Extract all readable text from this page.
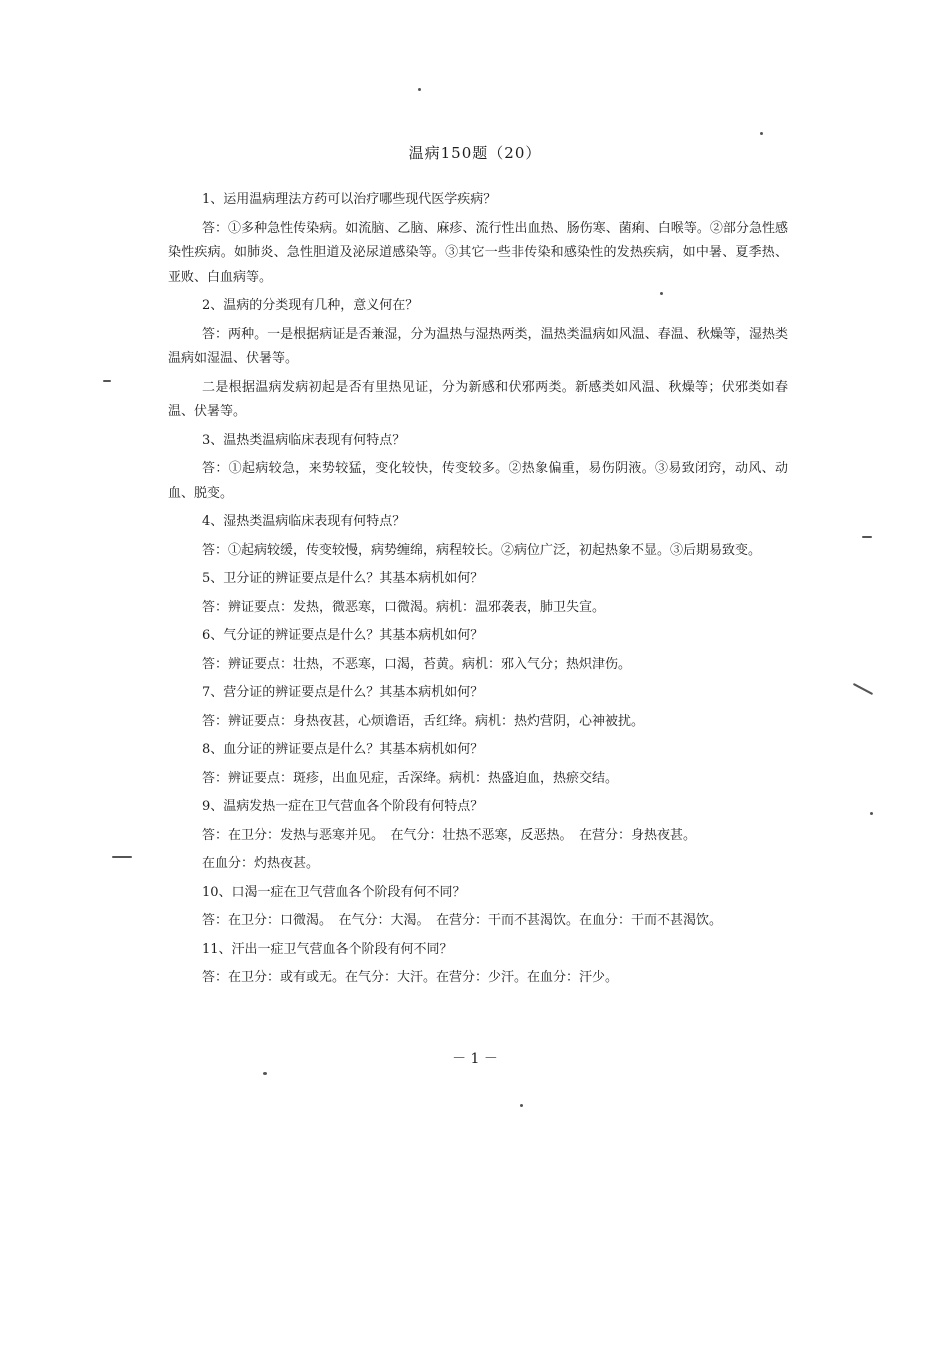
温病150题（20）

1、运用温病理法方药可以治疗哪些现代医学疾病？

答：①多种急性传染病。如流脑、乙脑、麻疹、流行性出血热、肠伤寒、菌痢、白喉等。②部分急性感染性疾病。如肺炎、急性胆道及泌尿道感染等。③其它一些非传染和感染性的发热疾病，如中暑、夏季热、亚败、白血病等。

2、温病的分类现有几种，意义何在？

答：两种。一是根据病证是否兼湿，分为温热与湿热两类，温热类温病如风温、春温、秋燥等，湿热类温病如湿温、伏暑等。

二是根据温病发病初起是否有里热见证，分为新感和伏邪两类。新感类如风温、秋燥等；伏邪类如春温、伏暑等。

3、温热类温病临床表现有何特点？

答：①起病较急，来势较猛，变化较快，传变较多。②热象偏重，易伤阴液。③易致闭窍，动风、动血、脱变。

4、湿热类温病临床表现有何特点？

答：①起病较缓，传变较慢，病势缠绵，病程较长。②病位广泛，初起热象不显。③后期易致变。

5、卫分证的辨证要点是什么？其基本病机如何？

答：辨证要点：发热，微恶寒，口微渴。病机：温邪袭表，肺卫失宣。

6、气分证的辨证要点是什么？其基本病机如何？

答：辨证要点：壮热，不恶寒，口渴，苔黄。病机：邪入气分；热炽津伤。

7、营分证的辨证要点是什么？其基本病机如何？

答：辨证要点：身热夜甚，心烦谵语，舌红绛。病机：热灼营阴，心神被扰。

8、血分证的辨证要点是什么？其基本病机如何？

答：辨证要点：斑疹，出血见症，舌深绛。病机：热盛迫血，热瘀交结。

9、温病发热一症在卫气营血各个阶段有何特点？

答：在卫分：发热与恶寒并见。　在气分：壮热不恶寒，反恶热。　在营分：身热夜甚。

在血分：灼热夜甚。

10、口渴一症在卫气营血各个阶段有何不同？

答：在卫分：口微渴。　在气分：大渴。　在营分：干而不甚渴饮。在血分：干而不甚渴饮。

11、汗出一症卫气营血各个阶段有何不同？

答：在卫分：或有或无。在气分：大汗。在营分：少汗。在血分：汗少。

－ 1 －
